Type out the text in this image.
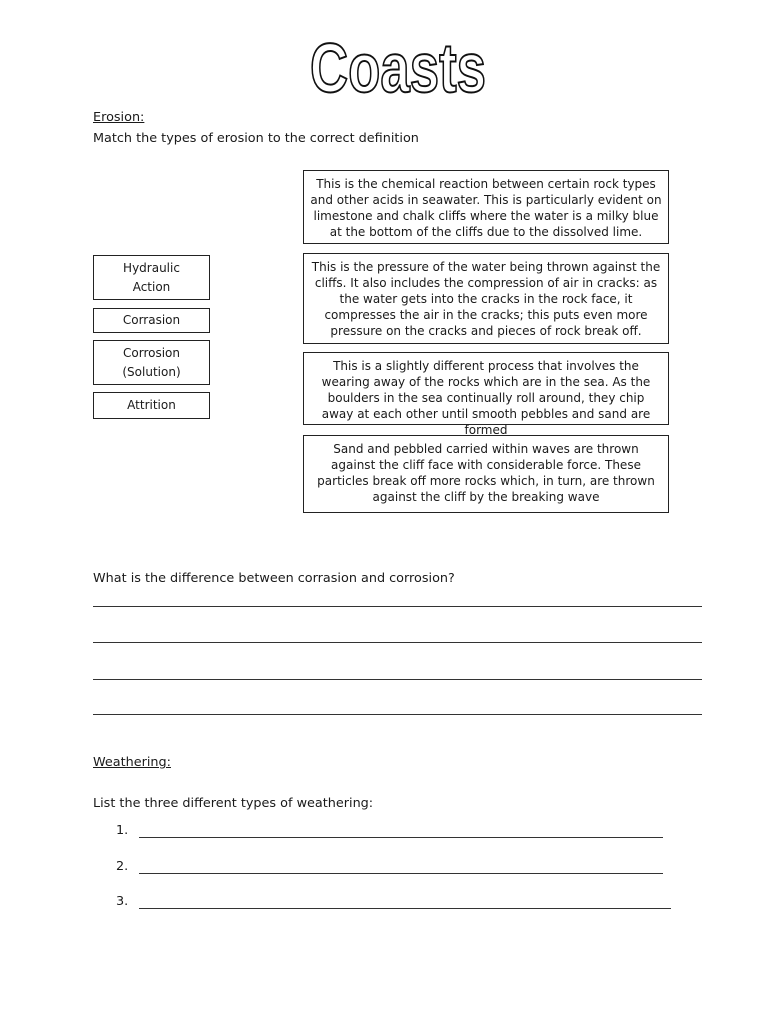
Coasts
Erosion:
Match the types of erosion to the correct definition
Hydraulic Action
Corrasion
Corrosion (Solution)
Attrition
This is the chemical reaction between certain rock types and other acids in seawater. This is particularly evident on limestone and chalk cliffs where the water is a milky blue at the bottom of the cliffs due to the dissolved lime.
This is the pressure of the water being thrown against the cliffs. It also includes the compression of air in cracks: as the water gets into the cracks in the rock face, it compresses the air in the cracks; this puts even more pressure on the cracks and pieces of rock break off.
This is a slightly different process that involves the wearing away of the rocks which are in the sea. As the boulders in the sea continually roll around, they chip away at each other until smooth pebbles and sand are formed
Sand and pebbled carried within waves are thrown against the cliff face with considerable force. These particles break off more rocks which, in turn, are thrown against the cliff by the breaking wave
What is the difference between corrasion and corrosion?
Weathering:
List the three different types of weathering:
1.
2.
3.
